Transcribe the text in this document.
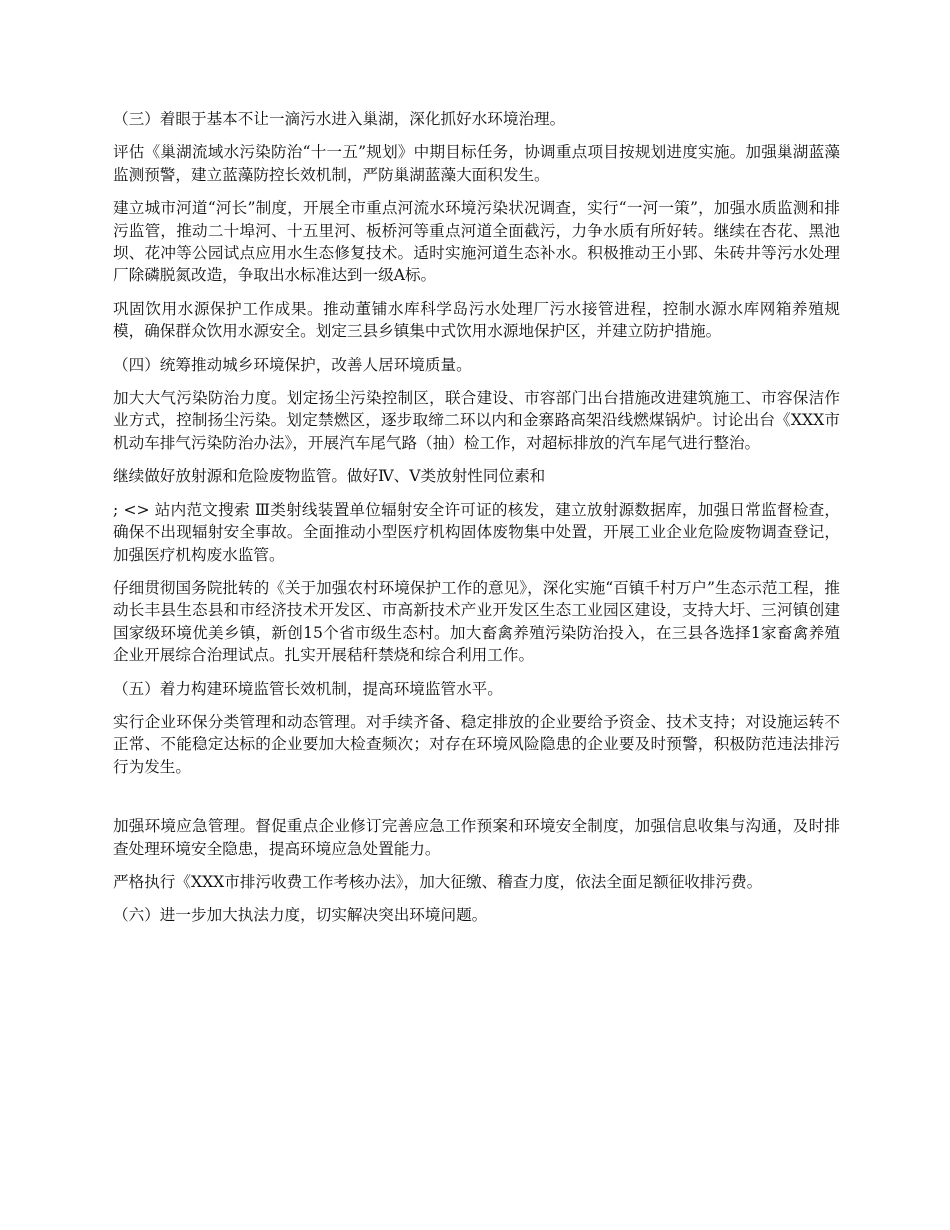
（三）着眼于基本不让一滴污水进入巢湖，深化抓好水环境治理。

评估《巢湖流域水污染防治“十一五”规划》中期目标任务，协调重点项目按规划进度实施。加强巢湖蓝藻监测预警，建立蓝藻防控长效机制，严防巢湖蓝藻大面积发生。

建立城市河道“河长”制度，开展全市重点河流水环境污染状况调查，实行“一河一策”，加强水质监测和排污监管，推动二十埠河、十五里河、板桥河等重点河道全面截污，力争水质有所好转。继续在杏花、黑池坝、花冲等公园试点应用水生态修复技术。适时实施河道生态补水。积极推动王小郢、朱砖井等污水处理厂除磷脱氮改造，争取出水标准达到一级A标。

巩固饮用水源保护工作成果。推动董铺水库科学岛污水处理厂污水接管进程，控制水源水库网箱养殖规模，确保群众饮用水源安全。划定三县乡镇集中式饮用水源地保护区，并建立防护措施。

（四）统筹推动城乡环境保护，改善人居环境质量。

加大大气污染防治力度。划定扬尘污染控制区，联合建设、市容部门出台措施改进建筑施工、市容保洁作业方式，控制扬尘污染。划定禁燃区，逐步取缔二环以内和金寨路高架沿线燃煤锅炉。讨论出台《XXX市机动车排气污染防治办法》，开展汽车尾气路（抽）检工作，对超标排放的汽车尾气进行整治。

继续做好放射源和危险废物监管。做好Ⅳ、Ⅴ类放射性同位素和

; <> 站内范文搜索 Ⅲ类射线装置单位辐射安全许可证的核发，建立放射源数据库，加强日常监督检查，确保不出现辐射安全事故。全面推动小型医疗机构固体废物集中处置，开展工业企业危险废物调查登记，加强医疗机构废水监管。

仔细贯彻国务院批转的《关于加强农村环境保护工作的意见》，深化实施“百镇千村万户”生态示范工程，推动长丰县生态县和市经济技术开发区、市高新技术产业开发区生态工业园区建设，支持大圩、三河镇创建国家级环境优美乡镇，新创15个省市级生态村。加大畜禽养殖污染防治投入，在三县各选择1家畜禽养殖企业开展综合治理试点。扎实开展秸秆禁烧和综合利用工作。

（五）着力构建环境监管长效机制，提高环境监管水平。

实行企业环保分类管理和动态管理。对手续齐备、稳定排放的企业要给予资金、技术支持；对设施运转不正常、不能稳定达标的企业要加大检查频次；对存在环境风险隐患的企业要及时预警，积极防范违法排污行为发生。

加强环境应急管理。督促重点企业修订完善应急工作预案和环境安全制度，加强信息收集与沟通，及时排查处理环境安全隐患，提高环境应急处置能力。

严格执行《XXX市排污收费工作考核办法》，加大征缴、稽查力度，依法全面足额征收排污费。

（六）进一步加大执法力度，切实解决突出环境问题。
